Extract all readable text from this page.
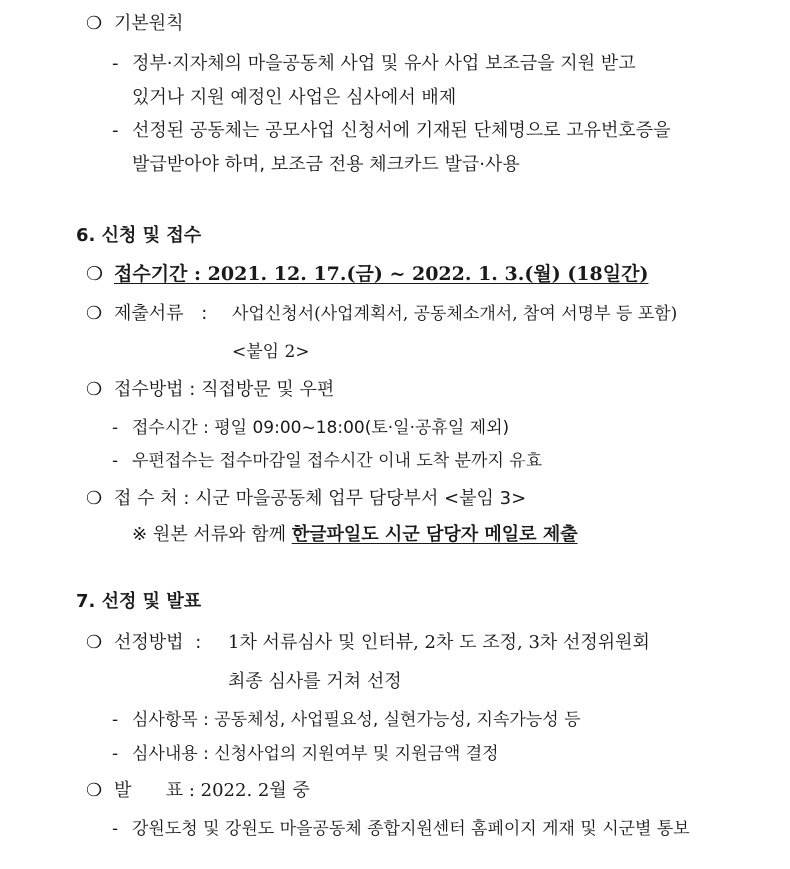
❍ 기본원칙
- 정부·지자체의 마을공동체 사업 및 유사 사업 보조금을 지원 받고
있거나 지원 예정인 사업은 심사에서 배제
- 선정된 공동체는 공모사업 신청서에 기재된 단체명으로 고유번호증을
발급받아야 하며, 보조금 전용 체크카드 발급·사용
6. 신청 및 접수
❍ 접수기간 : 2021. 12. 17.(금) ~ 2022. 1. 3.(월) (18일간)
❍ 제출서류 : 사업신청서(사업계획서, 공동체소개서, 참여 서명부 등 포함)
<붙임 2>
❍ 접수방법 : 직접방문 및 우편
- 접수시간 : 평일 09:00~18:00(토·일·공휴일 제외)
- 우편접수는 접수마감일 접수시간 이내 도착 분까지 유효
❍ 접 수 처 : 시군 마을공동체 업무 담당부서 <붙임 3>
※ 원본 서류와 함께 한글파일도 시군 담당자 메일로 제출
7. 선정 및 발표
❍ 선정방법 : 1차 서류심사 및 인터뷰, 2차 도 조정, 3차 선정위원회
최종 심사를 거쳐 선정
- 심사항목 : 공동체성, 사업필요성, 실현가능성, 지속가능성 등
- 심사내용 : 신청사업의 지원여부 및 지원금액 결정
❍ 발      표 : 2022. 2월 중
- 강원도청 및 강원도 마을공동체 종합지원센터 홈페이지 게재 및 시군별 통보
